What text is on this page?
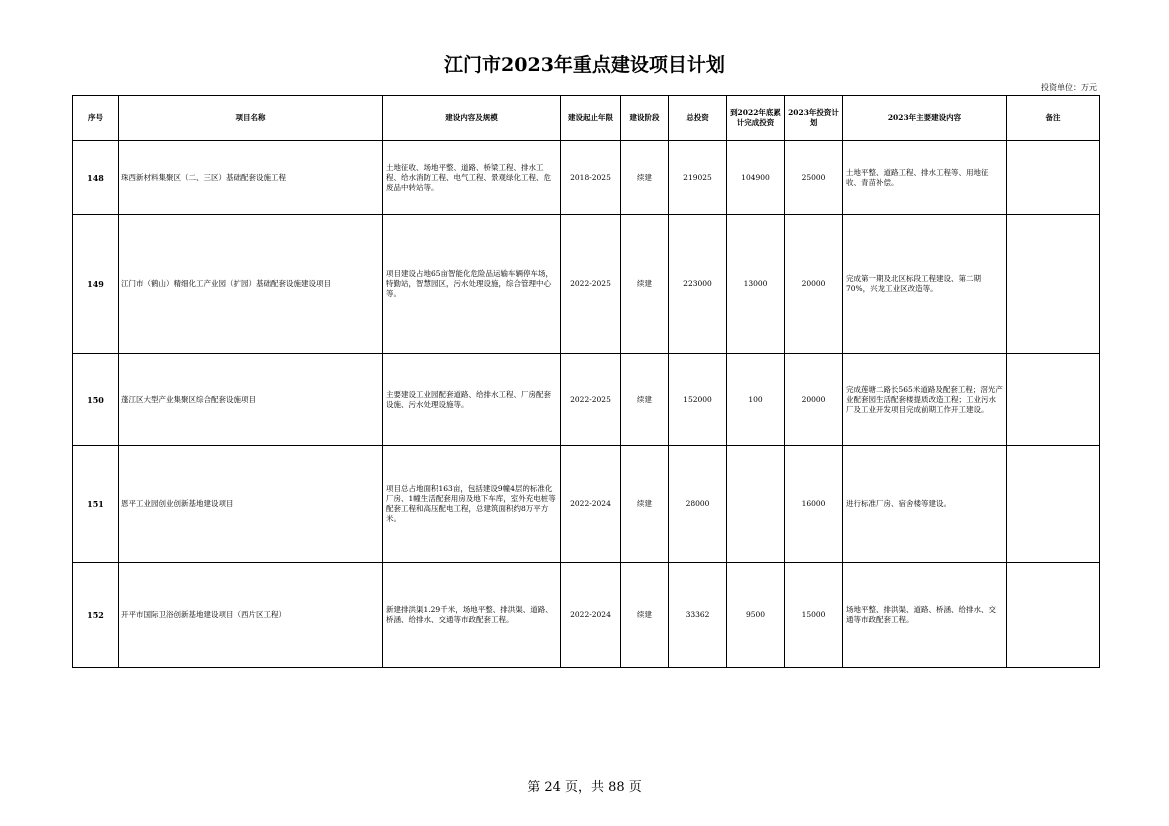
江门市2023年重点建设项目计划
投资单位：万元
序号	项目名称	建设内容及规模	建设起止年限	建设阶段	总投资	到2022年底累计完成投资	2023年投资计划	2023年主要建设内容	备注
148	珠西新材料集聚区（二、三区）基础配套设施工程	土地征收、场地平整、道路、桥梁工程、排水工程、给水消防工程、电气工程、景观绿化工程、危废品中转站等。	2018-2025	续建	219025	104900	25000	土地平整、道路工程、排水工程等、用地征收、青苗补偿。	
149	江门市（鹤山）精细化工产业园（扩园）基础配套设施建设项目	项目建设占地65亩智能化危险品运输车辆停车场，特勤站，智慧园区，污水处理设施，综合管理中心等。	2022-2025	续建	223000	13000	20000	完成第一期及北区标段工程建设、第二期70%，兴龙工业区改造等。	
150	蓬江区大型产业集聚区综合配套设施项目	主要建设工业园配套道路、给排水工程、厂房配套设施、污水处理设施等。	2022-2025	续建	152000	100	20000	完成莲塘二路长565米道路及配套工程；滘光产业配套园生活配套楼提质改造工程；工业污水厂及工业开发项目完成前期工作开工建设。	
151	恩平工业园创业创新基地建设项目	项目总占地面积163亩，包括建设9幢4层的标准化厂房、1幢生活配套用房及地下车库，室外充电桩等配套工程和高压配电工程，总建筑面积约8万平方米。	2022-2024	续建	28000		16000	进行标准厂房、宿舍楼等建设。	
152	开平市国际卫浴创新基地建设项目（西片区工程）	新建排洪渠1.29千米，场地平整、排洪渠、道路、桥涵、给排水、交通等市政配套工程。	2022-2024	续建	33362	9500	15000	场地平整、排洪渠、道路、桥涵、给排水、交通等市政配套工程。	
第 24 页，共 88 页
